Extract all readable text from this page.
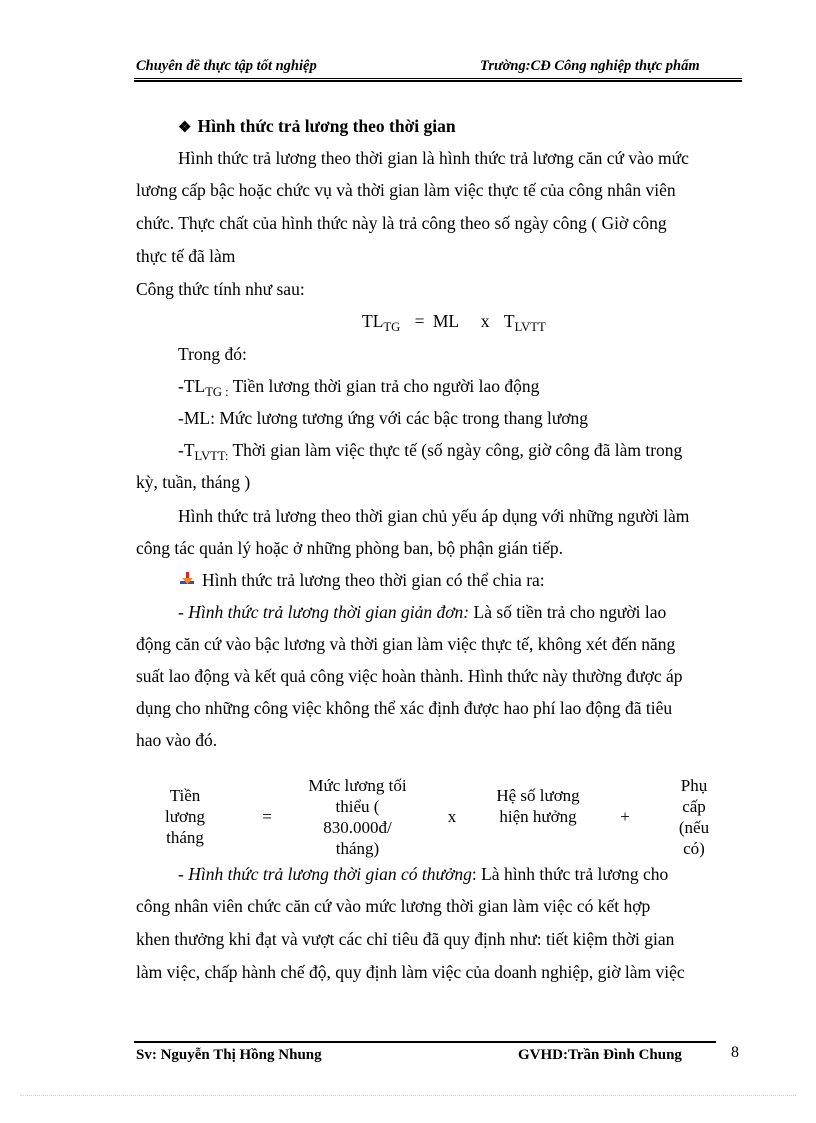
Chuyên đề thực tập tốt nghiệp	Trường:CĐ Công nghiệp thực phẩm
❖ Hình thức trả lương theo thời gian
Hình thức trả lương theo thời gian là hình thức trả lương căn cứ vào mức
lương cấp bậc hoặc chức vụ và thời gian làm việc thực tế của công nhân viên
chức. Thực chất của hình thức này là trả công theo số ngày công ( Giờ công
thực tế đã làm
Công thức tính như sau:
$TL_{TG}$ = ML x $T_{LVTT}$
Trong đó:
$-TL_{TG :}$ Tiền lương thời gian trả cho người lao động
-ML: Mức lương tương ứng với các bậc trong thang lương
$-T_{LVTT:}$ Thời gian làm việc thực tế (số ngày công, giờ công đã làm trong
kỳ, tuần, tháng )
Hình thức trả lương theo thời gian chủ yếu áp dụng với những người làm
công tác quản lý hoặc ở những phòng ban, bộ phận gián tiếp.
Hình thức trả lương theo thời gian có thể chia ra:
- Hình thức trả lương thời gian giản đơn: Là số tiền trả cho người lao
động căn cứ vào bậc lương và thời gian làm việc thực tế, không xét đến năng
suất lao động và kết quả công việc hoàn thành. Hình thức này thường được áp
dụng cho những công việc không thể xác định được hao phí lao động đã tiêu
hao vào đó.
Tiền lương tháng
=
Mức lương tối thiểu ( 830.000đ/ tháng)
x
Hệ số lương hiện hưởng	+
Phụ cấp (nếu có)
- Hình thức trả lương thời gian có thưởng: Là hình thức trả lương cho
công nhân viên chức căn cứ vào mức lương thời gian làm việc có kết hợp
khen thưởng khi đạt và vượt các chỉ tiêu đã quy định như: tiết kiệm thời gian
làm việc, chấp hành chế độ, quy định làm việc của doanh nghiệp, giờ làm việc
Sv: Nguyễn Thị Hồng Nhung	GVHD:Trần Đình Chung	8
